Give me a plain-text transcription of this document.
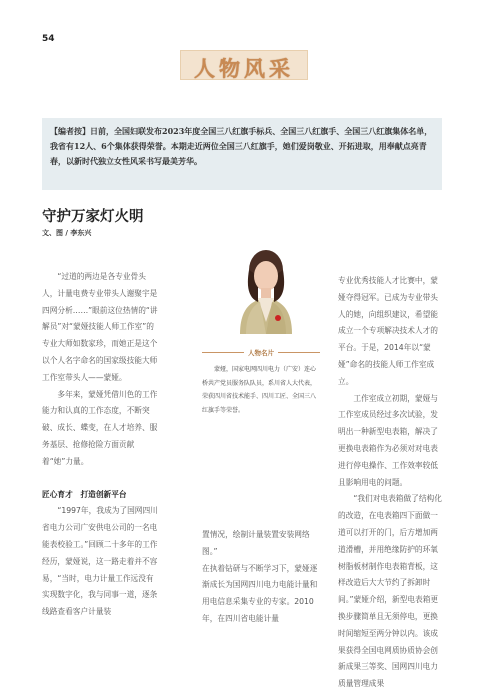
54
人物风采
【编者按】日前，全国妇联发布2023年度全国三八红旗手标兵、全国三八红旗手、全国三八红旗集体名单，我省有12人、6个集体获得荣誉。本期走近两位全国三八红旗手，她们爱岗敬业、开拓进取，用奉献点亮青春，以新时代独立女性风采书写最美芳华。
守护万家灯火明
文、图 / 李东兴
人物名片
蒙娅，国家电网四川电力（广安）连心桥共产党员服务队队员，系川省人大代表，荣获四川省技术能手、四川工匠、全国三八红旗手等荣誉。

“过道的两边是各专业骨头人，计量电费专业带头人谢聚宇是四网分析……”眼前这位热情的“讲解员”对“蒙娅技能人师工作室”的专业大师如数家珍，而她正是这个以个人名字命名的国家级技能大师工作室带头人——蒙娅。

多年来，蒙娅凭借川色的工作能力和认真的工作态度，不断突破、成长、蝶变，在人才培养、服务基层、抢修抢险方面贡献着“她”力量。

匠心育才　打造创新平台

“1997年，我成为了国网四川省电力公司广安供电公司的一名电能表校验工。”回顾二十多年的工作经历，蒙娅说，这一路走着并不容易，“当时，电力计量工作远没有实现数字化，我与同事一道，逐条线路查看客户计量装

置情况，绘制计量装置安装网络图。”
在执着钻研与不断学习下，蒙娅逐渐成长为国网四川电力电能计量和用电信息采集专业的专家。2010年，在四川省电能计量

专业优秀技能人才比赛中，蒙娅夺得冠军。已成为专业带头人的她，向组织建议，希望能成立一个专项解决技术人才的平台。于是，2014年以“蒙娅”命名的技能人师工作室成立。

工作室成立初期，蒙娅与工作室成员经过多次试验，发明出一种新型电表箱，解决了更换电表箱作为必须对对电表进行停电操作、工作效率较低且影响用电的问题。

“我们对电表箱做了结构化的改造，在电表箱四下面做一道可以打开的门，后方增加两道滑槽，并用绝缘防护的环氧树脂板材制作电表箱背板，这样改造后大大节约了拆卸时间。”蒙娅介绍，新型电表箱更换步骤简单且无须停电，更换时间缩短至两分钟以内。该成果获得全国电网质协质协会创新成果三等奖、国网四川电力质量管理成果
